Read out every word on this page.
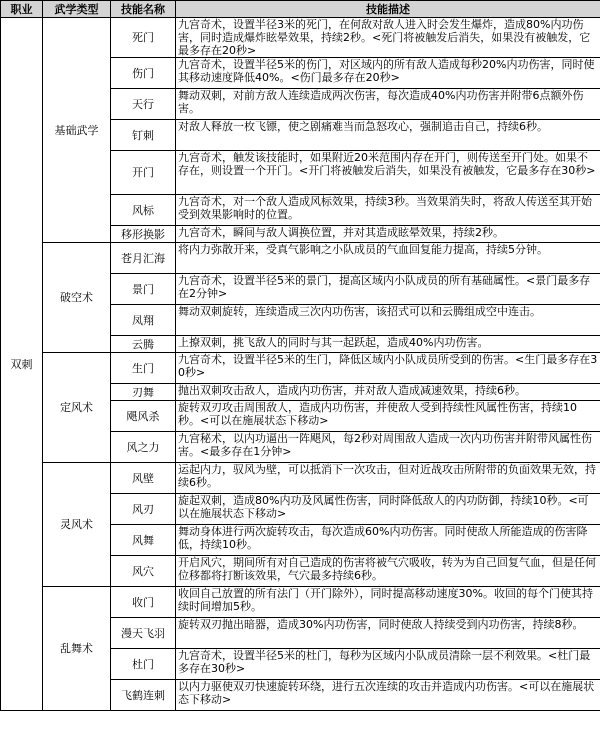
职业	武学类型	技能名称	技能描述
双刺	基础武学	死门	九宫奇术，设置半径3米的死门，在何敌对敌人进入时会发生爆炸，造成80%内功伤害，同时造成爆炸眩晕效果，持续2秒。<死门将被触发后消失，如果没有被触发，它最多存在20秒>
		伤门	九宫奇术，设置半径5米的伤门，对区域内的所有敌人造成每秒20%内功伤害，同时使其移动速度降低40%。<伤门最多存在20秒>
		天行	舞动双刺，对前方敌人连续造成两次伤害，每次造成40%内功伤害并附带6点额外伤害。
		钉刺	对敌人释放一枚飞镖，使之剧痛难当而急怒攻心，强制追击自己，持续6秒。
		开门	九宫奇术，触发该技能时，如果附近20米范围内存在开门，则传送至开门处。如果不存在，则设置一个开门。<开门将被触发后消失，如果没有被触发，它最多存在30秒>
		风标	九宫奇术，对一个敌人造成风标效果，持续3秒。当效果消失时，将敌人传送至其开始受到效果影响时的位置。
		移形换影	九宫奇术，瞬间与敌人调换位置，并对其造成眩晕效果，持续2秒。
	破空术	苍月汇海	将内力弥散开来，受真气影响之小队成员的气血回复能力提高，持续5分钟。
		景门	九宫奇术，设置半径5米的景门，提高区域内小队成员的所有基础属性。<景门最多存在2分钟>
		凤翔	舞动双刺旋转，连续造成三次内功伤害，该招式可以和云腾组成空中连击。
		云腾	上撩双刺，挑飞敌人的同时与其一起跃起，造成40%内功伤害。
	定风术	生门	九宫奇术，设置半径5米的生门，降低区域内小队成员所受到的伤害。<生门最多存在30秒>
		刃舞	抛出双刺攻击敌人，造成内功伤害，并对敌人造成减速效果，持续6秒。
		飓风杀	旋转双刃攻击周围敌人，造成内功伤害，并使敌人受到持续性风属性伤害，持续10秒。<可以在施展状态下移动>
		风之力	九宫秘术，以内功逼出一阵飓风，每2秒对周围敌人造成一次内功伤害并附带风属性伤害。<最多存在1分钟>
	灵风术	风壁	运起内力，驭风为壁，可以抵消下一次攻击，但对近战攻击所附带的负面效果无效，持续6秒。
		风刃	旋起双刺，造成80%内功及风属性伤害，同时降低敌人的内功防御，持续10秒。<可以在施展状态下移动>
		风舞	舞动身体进行两次旋转攻击，每次造成60%内功伤害。同时使敌人所能造成的伤害降低，持续10秒。
		风穴	开启风穴，期间所有对自己造成的伤害将被气穴吸收，转为为自己回复气血，但是任何位移都将打断该效果，气穴最多持续6秒。
	乱舞术	收门	收回自己放置的所有法门（开门除外），同时提高移动速度30%。收回的每个门使其持续时间增加5秒。
		漫天飞羽	旋转双刃抛出暗器，造成30%内功伤害，同时使敌人持续受到内功伤害，持续8秒。
		杜门	九宫奇术，设置半径5米的杜门，每秒为区域内小队成员清除一层不利效果。<杜门最多存在30秒>
		飞鹤连刺	以内力驱使双刃快速旋转环绕，进行五次连续的攻击并造成内功伤害。<可以在施展状态下移动>
